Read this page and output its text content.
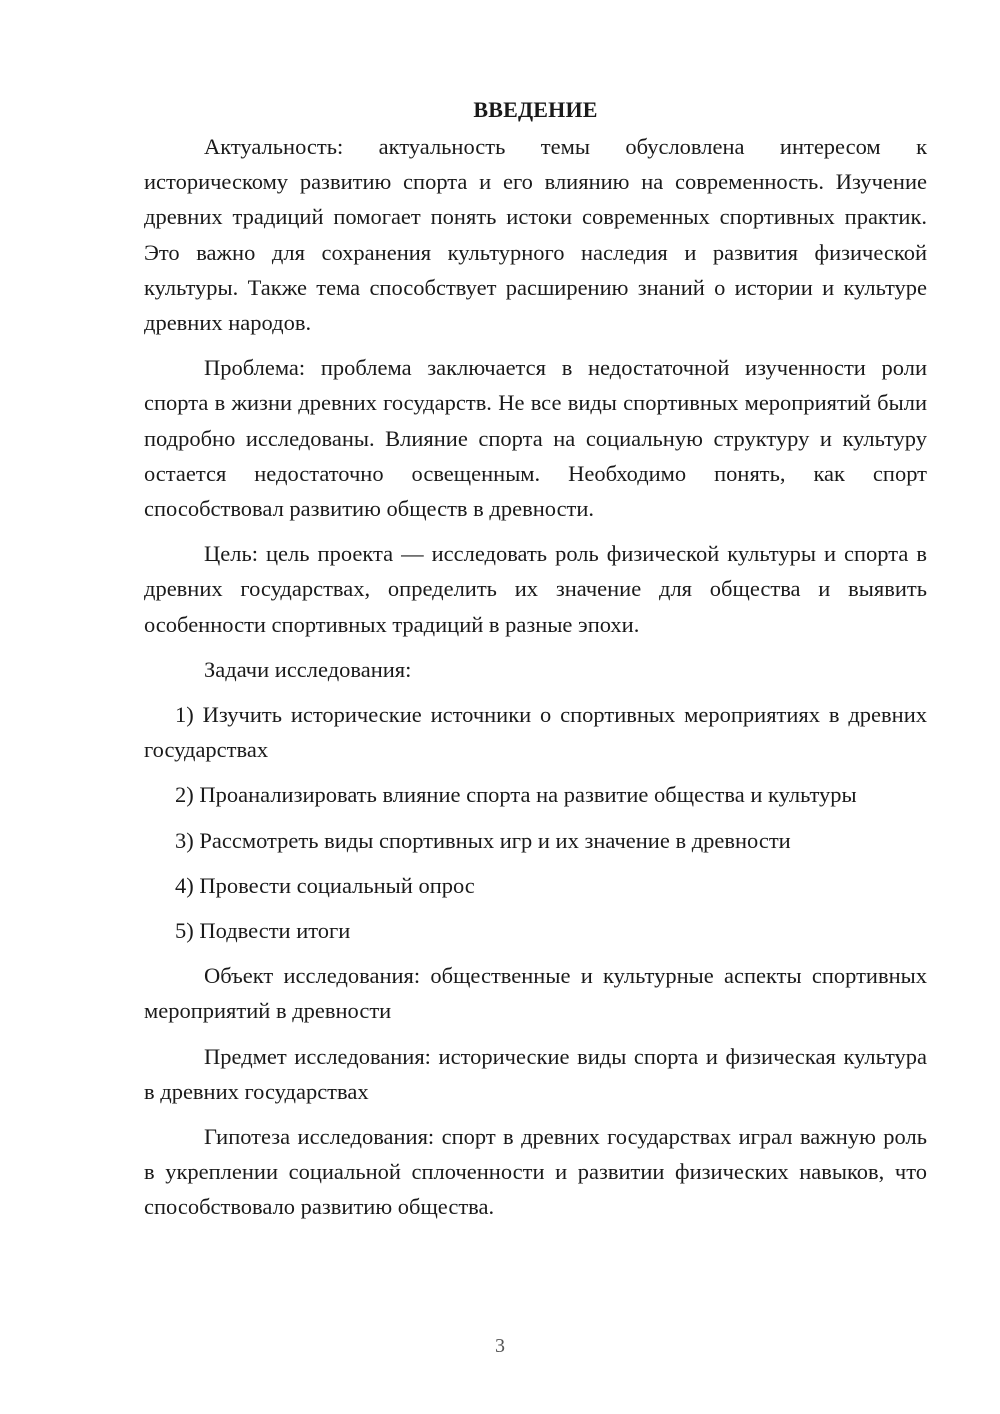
ВВЕДЕНИЕ

Актуальность: актуальность темы обусловлена интересом к историческому развитию спорта и его влиянию на современность. Изучение древних традиций помогает понять истоки современных спортивных практик. Это важно для сохранения культурного наследия и развития физической культуры. Также тема способствует расширению знаний о истории и культуре древних народов.

Проблема: проблема заключается в недостаточной изученности роли спорта в жизни древних государств. Не все виды спортивных мероприятий были подробно исследованы. Влияние спорта на социальную структуру и культуру остается недостаточно освещенным. Необходимо понять, как спорт способствовал развитию обществ в древности.

Цель: цель проекта — исследовать роль физической культуры и спорта в древних государствах, определить их значение для общества и выявить особенности спортивных традиций в разные эпохи.

Задачи исследования:

1) Изучить исторические источники о спортивных мероприятиях в древних государствах

2) Проанализировать влияние спорта на развитие общества и культуры

3) Рассмотреть виды спортивных игр и их значение в древности

4) Провести социальный опрос

5) Подвести итоги

Объект исследования: общественные и культурные аспекты спортивных мероприятий в древности

Предмет исследования: исторические виды спорта и физическая культура в древних государствах

Гипотеза исследования: спорт в древних государствах играл важную роль в укреплении социальной сплоченности и развитии физических навыков, что способствовало развитию общества.

3
